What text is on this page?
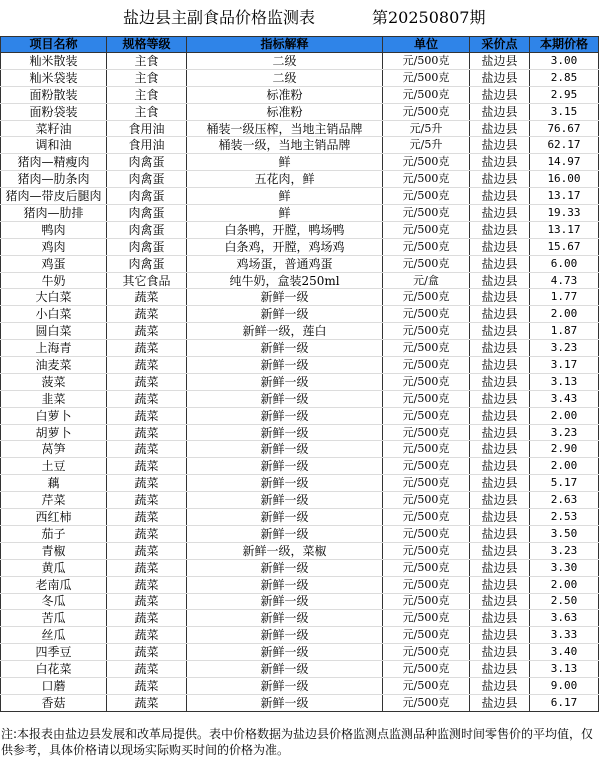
盐边县主副食品价格监测表	第20250807期
项目名称	规格等级	指标解释	单位	采价点	本期价格
籼米散装	主食	二级	元/500克	盐边县	3.00
籼米袋装	主食	二级	元/500克	盐边县	2.85
面粉散装	主食	标准粉	元/500克	盐边县	2.95
面粉袋装	主食	标准粉	元/500克	盐边县	3.15
菜籽油	食用油	桶装一级压榨，当地主销品牌	元/5升	盐边县	76.67
调和油	食用油	桶装一级，当地主销品牌	元/5升	盐边县	62.17
猪肉—精瘦肉	肉禽蛋	鲜	元/500克	盐边县	14.97
猪肉—肋条肉	肉禽蛋	五花肉，鲜	元/500克	盐边县	16.00
猪肉—带皮后腿肉	肉禽蛋	鲜	元/500克	盐边县	13.17
猪肉—肋排	肉禽蛋	鲜	元/500克	盐边县	19.33
鸭肉	肉禽蛋	白条鸭，开膛，鸭场鸭	元/500克	盐边县	13.17
鸡肉	肉禽蛋	白条鸡，开膛，鸡场鸡	元/500克	盐边县	15.67
鸡蛋	肉禽蛋	鸡场蛋，普通鸡蛋	元/500克	盐边县	6.00
牛奶	其它食品	纯牛奶，盒装250ml	元/盒	盐边县	4.73
大白菜	蔬菜	新鲜一级	元/500克	盐边县	1.77
小白菜	蔬菜	新鲜一级	元/500克	盐边县	2.00
圆白菜	蔬菜	新鲜一级，莲白	元/500克	盐边县	1.87
上海青	蔬菜	新鲜一级	元/500克	盐边县	3.23
油麦菜	蔬菜	新鲜一级	元/500克	盐边县	3.17
菠菜	蔬菜	新鲜一级	元/500克	盐边县	3.13
韭菜	蔬菜	新鲜一级	元/500克	盐边县	3.43
白萝卜	蔬菜	新鲜一级	元/500克	盐边县	2.00
胡萝卜	蔬菜	新鲜一级	元/500克	盐边县	3.23
莴笋	蔬菜	新鲜一级	元/500克	盐边县	2.90
土豆	蔬菜	新鲜一级	元/500克	盐边县	2.00
藕	蔬菜	新鲜一级	元/500克	盐边县	5.17
芹菜	蔬菜	新鲜一级	元/500克	盐边县	2.63
西红柿	蔬菜	新鲜一级	元/500克	盐边县	2.53
茄子	蔬菜	新鲜一级	元/500克	盐边县	3.50
青椒	蔬菜	新鲜一级，菜椒	元/500克	盐边县	3.23
黄瓜	蔬菜	新鲜一级	元/500克	盐边县	3.30
老南瓜	蔬菜	新鲜一级	元/500克	盐边县	2.00
冬瓜	蔬菜	新鲜一级	元/500克	盐边县	2.50
苦瓜	蔬菜	新鲜一级	元/500克	盐边县	3.63
丝瓜	蔬菜	新鲜一级	元/500克	盐边县	3.33
四季豆	蔬菜	新鲜一级	元/500克	盐边县	3.40
白花菜	蔬菜	新鲜一级	元/500克	盐边县	3.13
口蘑	蔬菜	新鲜一级	元/500克	盐边县	9.00
香菇	蔬菜	新鲜一级	元/500克	盐边县	6.17
注:本报表由盐边县发展和改革局提供。表中价格数据为盐边县价格监测点监测品种监测时间零售价的平均值，仅供参考，具体价格请以现场实际购买时间的价格为准。
